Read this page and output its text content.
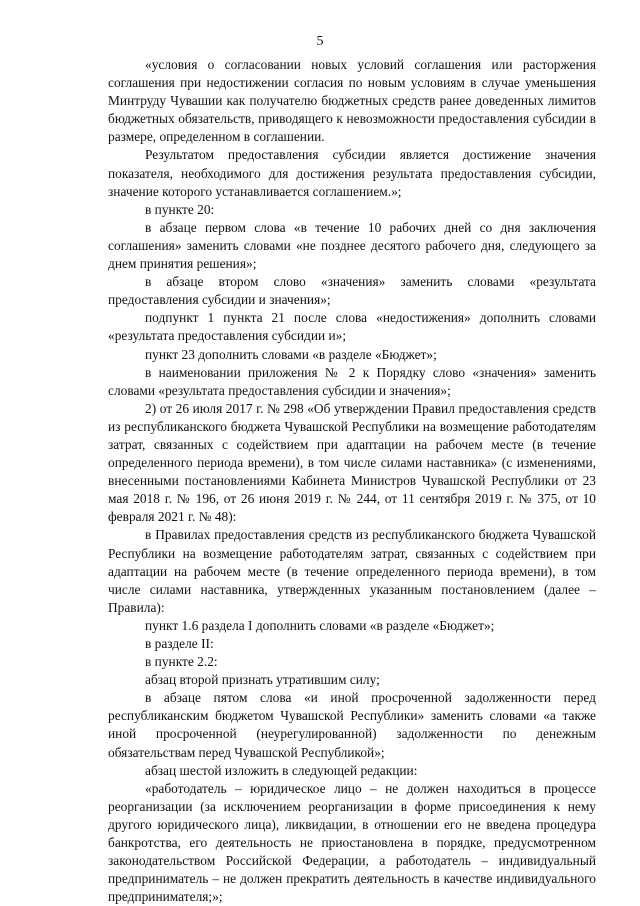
5

«условия о согласовании новых условий соглашения или расторжения соглашения при недостижении согласия по новым условиям в случае уменьшения Минтруду Чувашии как получателю бюджетных средств ранее доведенных лимитов бюджетных обязательств, приводящего к невозможности предоставления субсидии в размере, определенном в соглашении.

Результатом предоставления субсидии является достижение значения показателя, необходимого для достижения результата предоставления субсидии, значение которого устанавливается соглашением.»;

в пункте 20:

в абзаце первом слова «в течение 10 рабочих дней со дня заключения соглашения» заменить словами «не позднее десятого рабочего дня, следующего за днем принятия решения»;

в абзаце втором слово «значения» заменить словами «результата предоставления субсидии и значения»;

подпункт 1 пункта 21 после слова «недостижения» дополнить словами «результата предоставления субсидии и»;

пункт 23 дополнить словами «в разделе «Бюджет»;

в наименовании приложения № 2 к Порядку слово «значения» заменить словами «результата предоставления субсидии и значения»;

2) от 26 июля 2017 г. № 298 «Об утверждении Правил предоставления средств из республиканского бюджета Чувашской Республики на возмещение работодателям затрат, связанных с содействием при адаптации на рабочем месте (в течение определенного периода времени), в том числе силами наставника» (с изменениями, внесенными постановлениями Кабинета Министров Чувашской Республики от 23 мая 2018 г. № 196, от 26 июня 2019 г. № 244, от 11 сентября 2019 г. № 375, от 10 февраля 2021 г. № 48):

в Правилах предоставления средств из республиканского бюджета Чувашской Республики на возмещение работодателям затрат, связанных с содействием при адаптации на рабочем месте (в течение определенного периода времени), в том числе силами наставника, утвержденных указанным постановлением (далее – Правила):

пункт 1.6 раздела I дополнить словами «в разделе «Бюджет»;

в разделе II:

в пункте 2.2:

абзац второй признать утратившим силу;

в абзаце пятом слова «и иной просроченной задолженности перед республиканским бюджетом Чувашской Республики» заменить словами «а также иной просроченной (неурегулированной) задолженности по денежным обязательствам перед Чувашской Республикой»;

абзац шестой изложить в следующей редакции:

«работодатель – юридическое лицо – не должен находиться в процессе реорганизации (за исключением реорганизации в форме присоединения к нему другого юридического лица), ликвидации, в отношении его не введена процедура банкротства, его деятельность не приостановлена в порядке, предусмотренном законодательством Российской Федерации, а работодатель – индивидуальный предприниматель – не должен прекратить деятельность в качестве индивидуального предпринимателя;»;
